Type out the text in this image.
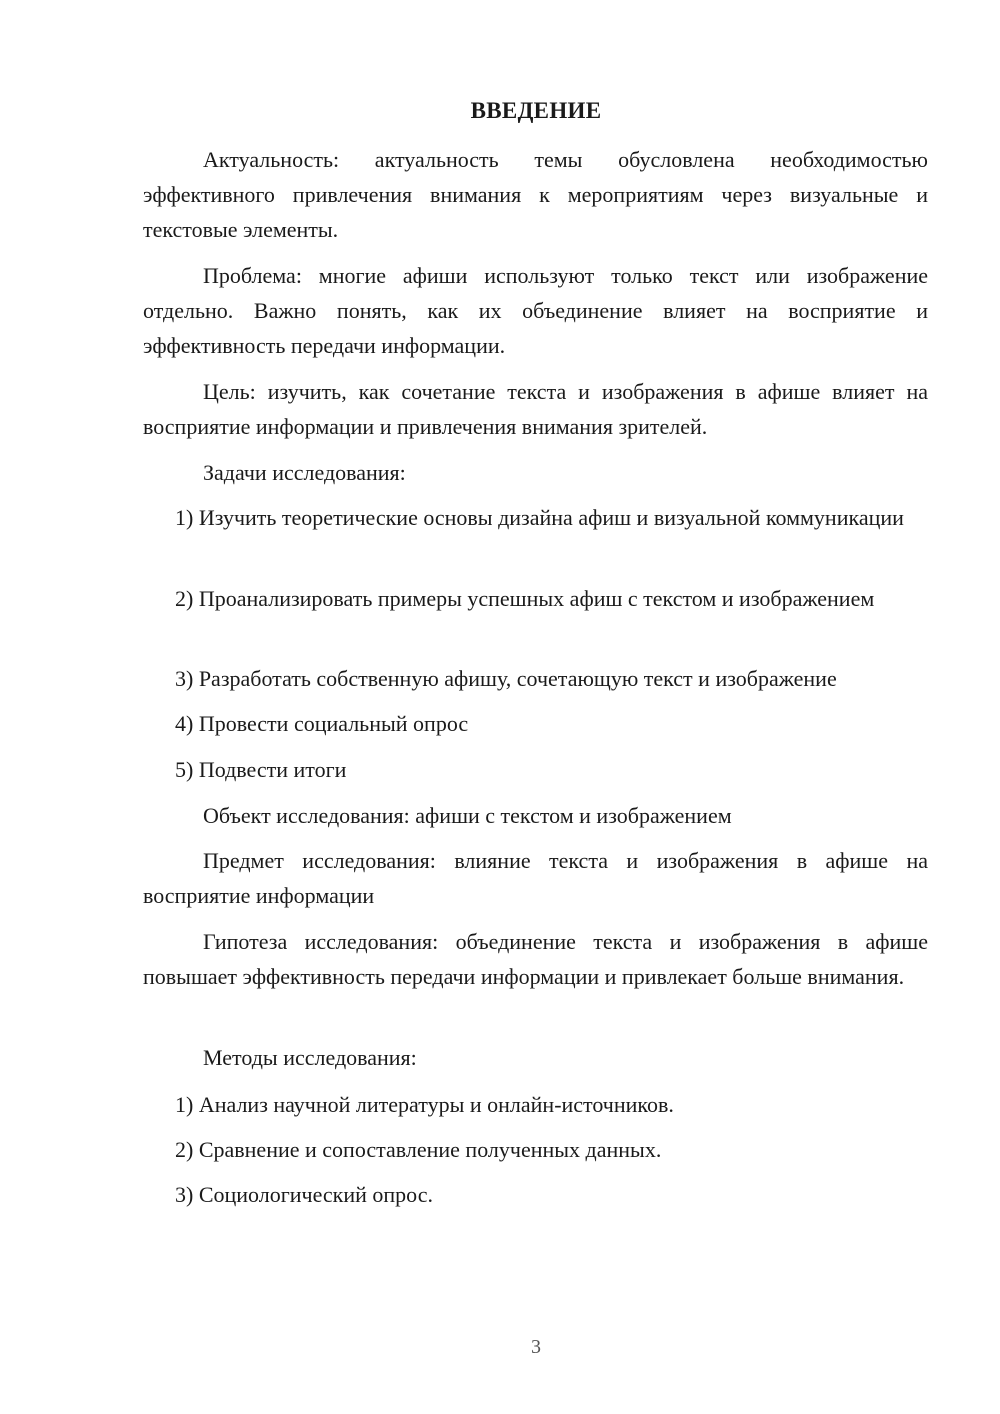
ВВЕДЕНИЕ

Актуальность: актуальность темы обусловлена необходимостью эффективного привлечения внимания к мероприятиям через визуальные и текстовые элементы.

Проблема: многие афиши используют только текст или изображение отдельно. Важно понять, как их объединение влияет на восприятие и эффективность передачи информации.

Цель: изучить, как сочетание текста и изображения в афише влияет на восприятие информации и привлечения внимания зрителей.

Задачи исследования:

1) Изучить теоретические основы дизайна афиш и визуальной коммуникации

2) Проанализировать примеры успешных афиш с текстом и изображением

3) Разработать собственную афишу, сочетающую текст и изображение

4) Провести социальный опрос

5) Подвести итоги

Объект исследования: афиши с текстом и изображением

Предмет исследования: влияние текста и изображения в афише на восприятие информации

Гипотеза исследования: объединение текста и изображения в афише повышает эффективность передачи информации и привлекает больше внимания.

Методы исследования:

1) Анализ научной литературы и онлайн-источников.

2) Сравнение и сопоставление полученных данных.

3) Социологический опрос.

3
